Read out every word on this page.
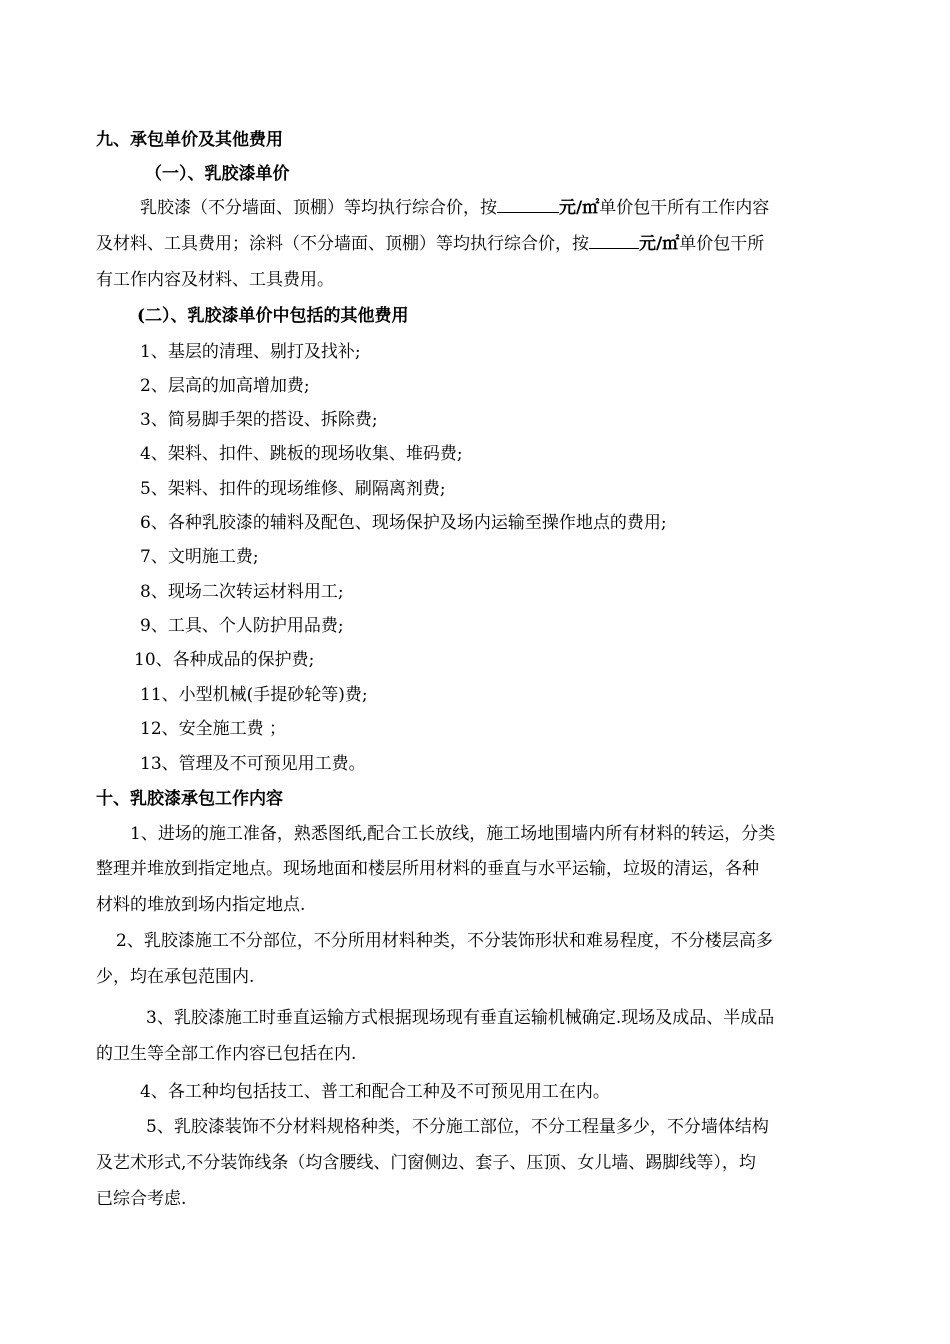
九、承包单价及其他费用
（一）、乳胶漆单价
乳胶漆（不分墙面、顶棚）等均执行综合价，按	元/㎡单价包干所有工作内容
及材料、工具费用；涂料（不分墙面、顶棚）等均执行综合价，按	元/㎡单价包干所
有工作内容及材料、工具费用。
(二）、乳胶漆单价中包括的其他费用
1、基层的清理、剔打及找补;
2、层高的加高增加费;
3、简易脚手架的搭设、拆除费;
4、架料、扣件、跳板的现场收集、堆码费;
5、架料、扣件的现场维修、刷隔离剂费;
6、各种乳胶漆的辅料及配色、现场保护及场内运输至操作地点的费用;
7、文明施工费;
8、现场二次转运材料用工;
9、工具、个人防护用品费;
10、各种成品的保护费;
11、小型机械(手提砂轮等)费;
12、安全施工费 ；
13、管理及不可预见用工费。
十、乳胶漆承包工作内容
1、进场的施工准备，熟悉图纸,配合工长放线，施工场地围墙内所有材料的转运，分类
整理并堆放到指定地点。现场地面和楼层所用材料的垂直与水平运输，垃圾的清运，各种
材料的堆放到场内指定地点.
2、乳胶漆施工不分部位，不分所用材料种类，不分装饰形状和难易程度，不分楼层高多
少，均在承包范围内.
3、乳胶漆施工时垂直运输方式根据现场现有垂直运输机械确定.现场及成品、半成品
的卫生等全部工作内容已包括在内.
4、各工种均包括技工、普工和配合工种及不可预见用工在内。
5、乳胶漆装饰不分材料规格种类，不分施工部位，不分工程量多少，不分墙体结构
及艺术形式,不分装饰线条（均含腰线、门窗侧边、套子、压顶、女儿墙、踢脚线等），均
已综合考虑.
